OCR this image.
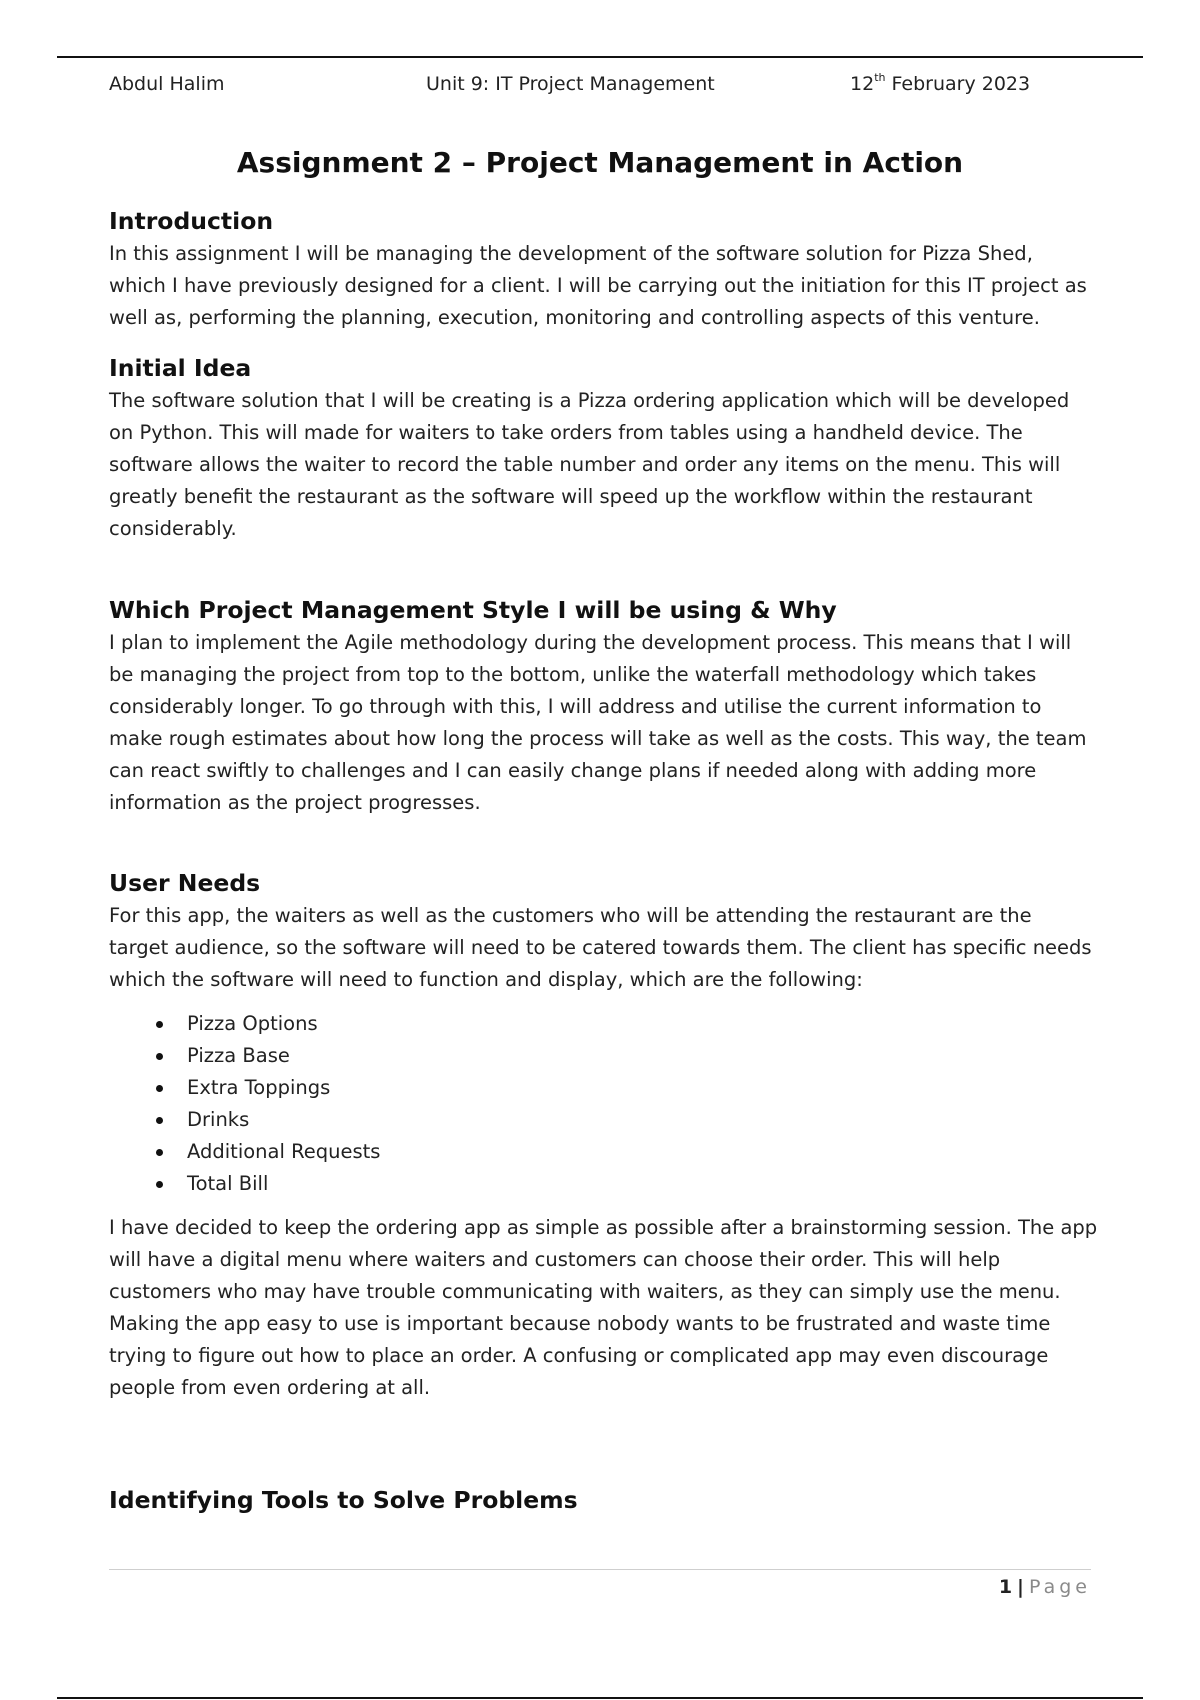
Abdul Halim	Unit 9: IT Project Management	12th February 2023
Assignment 2 – Project Management in Action
Introduction

In this assignment I will be managing the development of the software solution for Pizza Shed,

which I have previously designed for a client. I will be carrying out the initiation for this IT project as

well as, performing the planning, execution, monitoring and controlling aspects of this venture.

Initial Idea

The software solution that I will be creating is a Pizza ordering application which will be developed

on Python. This will made for waiters to take orders from tables using a handheld device. The

software allows the waiter to record the table number and order any items on the menu. This will

greatly benefit the restaurant as the software will speed up the workflow within the restaurant

considerably.

Which Project Management Style I will be using & Why

I plan to implement the Agile methodology during the development process. This means that I will

be managing the project from top to the bottom, unlike the waterfall methodology which takes

considerably longer. To go through with this, I will address and utilise the current information to

make rough estimates about how long the process will take as well as the costs. This way, the team

can react swiftly to challenges and I can easily change plans if needed along with adding more

information as the project progresses.

User Needs

For this app, the waiters as well as the customers who will be attending the restaurant are the

target audience, so the software will need to be catered towards them. The client has specific needs

which the software will need to function and display, which are the following:

Pizza Options
Pizza Base
Extra Toppings
Drinks
Additional Requests
Total Bill

I have decided to keep the ordering app as simple as possible after a brainstorming session. The app

will have a digital menu where waiters and customers can choose their order. This will help

customers who may have trouble communicating with waiters, as they can simply use the menu.

Making the app easy to use is important because nobody wants to be frustrated and waste time

trying to figure out how to place an order. A confusing or complicated app may even discourage

people from even ordering at all.

Identifying Tools to Solve Problems
1 | Page
